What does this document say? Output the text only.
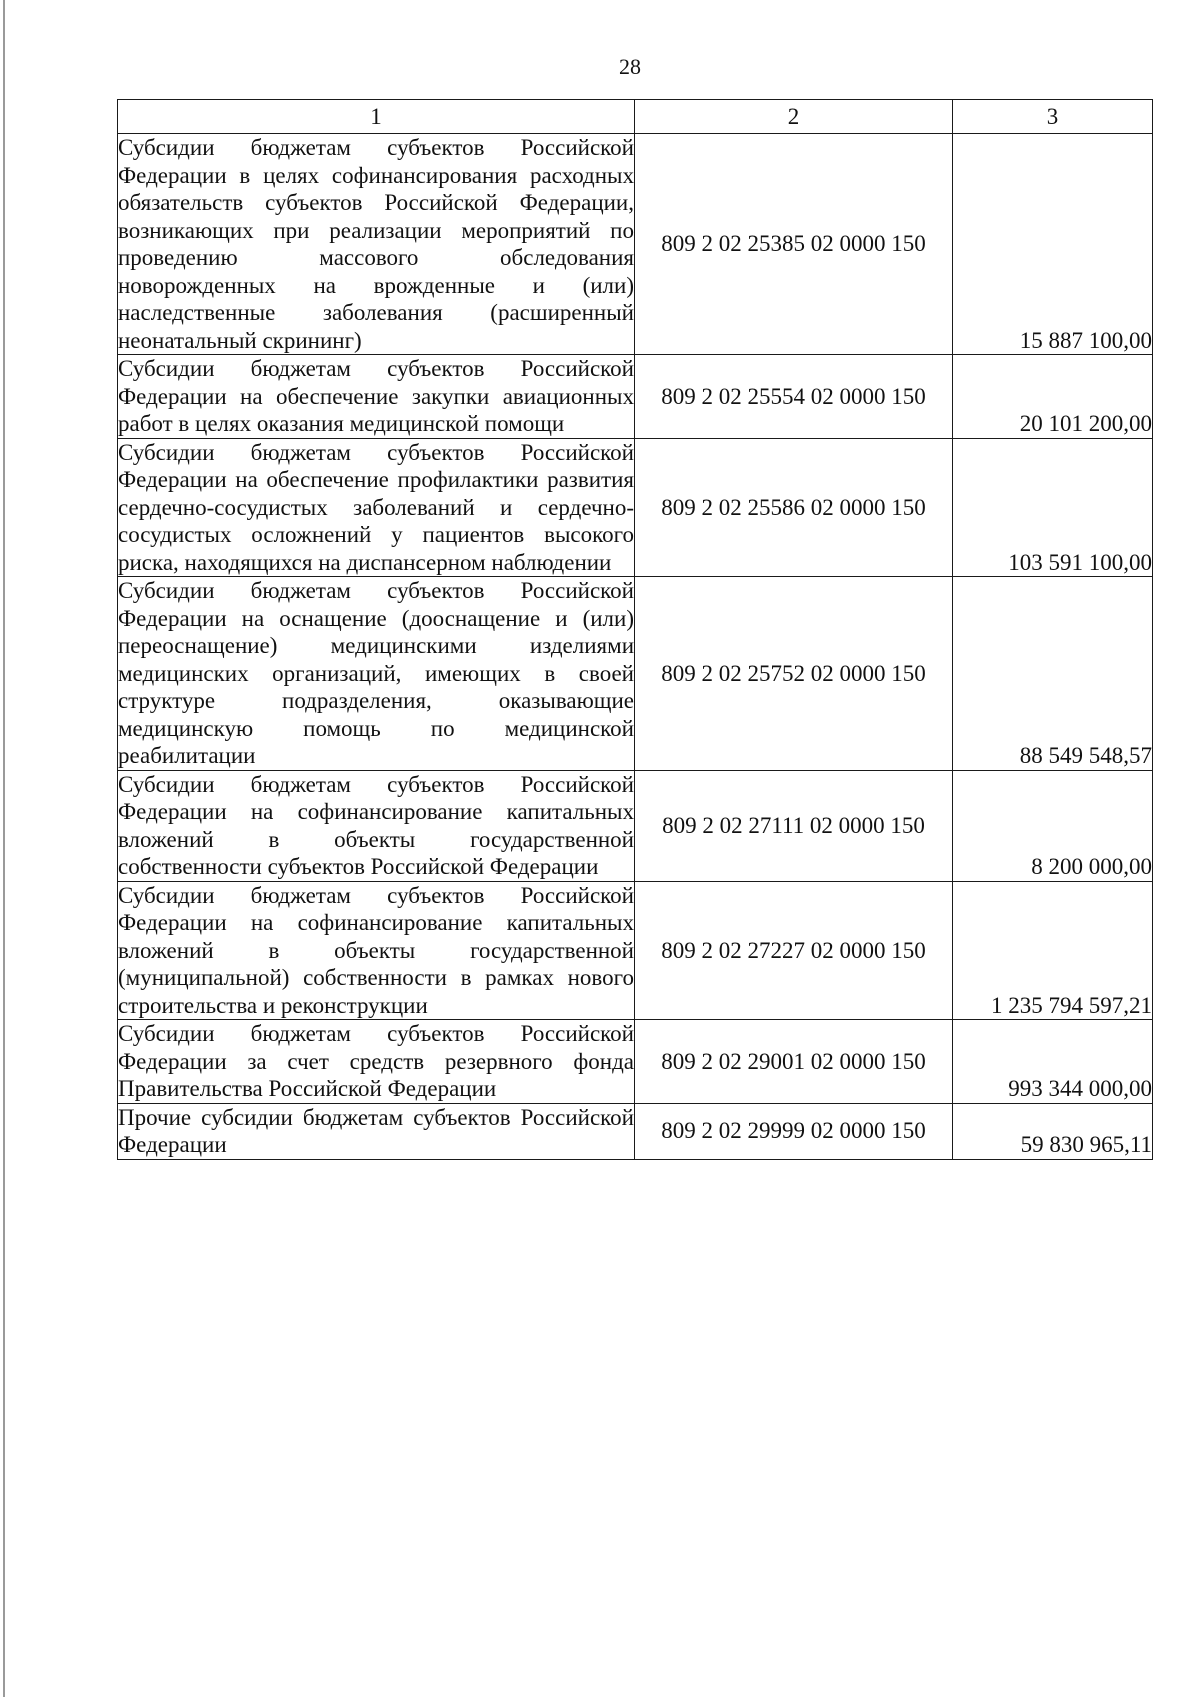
28
1	2	3
Субсидии бюджетам субъектов Российской Федерации в целях софинансирования расходных обязательств субъектов Российской Федерации, возникающих при реализации мероприятий по проведению массового обследования новорожденных на врожденные и (или) наследственные заболевания (расширенный неонатальный скрининг)	809 2 02 25385 02 0000 150	15 887 100,00
Субсидии бюджетам субъектов Российской Федерации на обеспечение закупки авиационных работ в целях оказания медицинской помощи	809 2 02 25554 02 0000 150	20 101 200,00
Субсидии бюджетам субъектов Российской Федерации на обеспечение профилактики развития сердечно-сосудистых заболеваний и сердечно-сосудистых осложнений у пациентов высокого риска, находящихся на диспансерном наблюдении	809 2 02 25586 02 0000 150	103 591 100,00
Субсидии бюджетам субъектов Российской Федерации на оснащение (дооснащение и (или) переоснащение) медицинскими изделиями медицинских организаций, имеющих в своей структуре подразделения, оказывающие медицинскую помощь по медицинской реабилитации	809 2 02 25752 02 0000 150	88 549 548,57
Субсидии бюджетам субъектов Российской Федерации на софинансирование капитальных вложений в объекты государственной собственности субъектов Российской Федерации	809 2 02 27111 02 0000 150	8 200 000,00
Субсидии бюджетам субъектов Российской Федерации на софинансирование капитальных вложений в объекты государственной (муниципальной) собственности в рамках нового строительства и реконструкции	809 2 02 27227 02 0000 150	1 235 794 597,21
Субсидии бюджетам субъектов Российской Федерации за счет средств резервного фонда Правительства Российской Федерации	809 2 02 29001 02 0000 150	993 344 000,00
Прочие субсидии бюджетам субъектов Российской Федерации	809 2 02 29999 02 0000 150	59 830 965,11
